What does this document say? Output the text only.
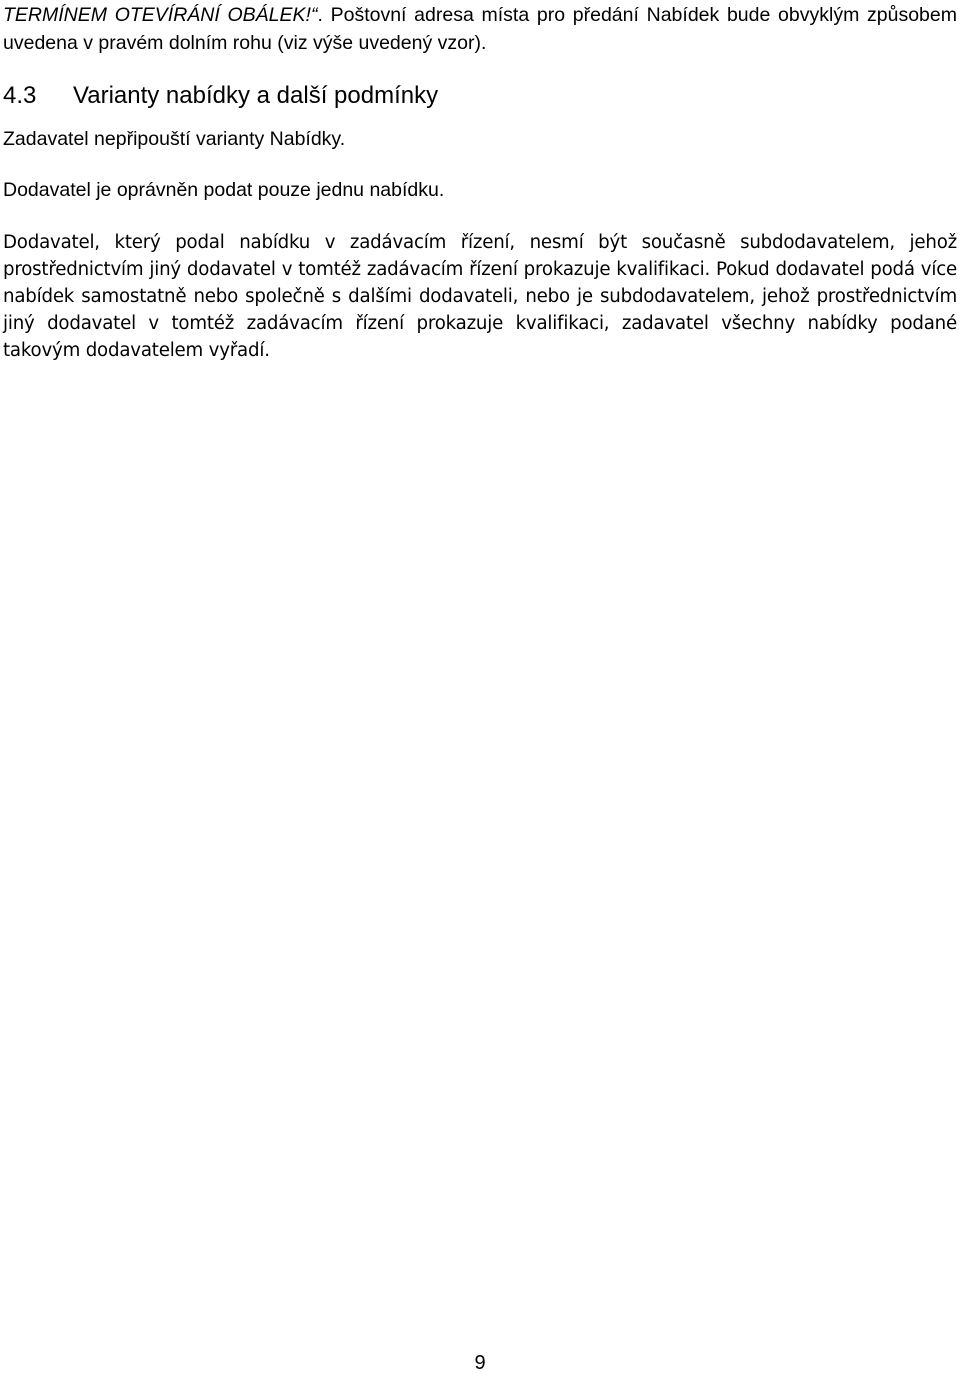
TERMÍNEM OTEVÍRÁNÍ OBÁLEK!“. Poštovní adresa místa pro předání Nabídek bude obvyklým způsobem uvedena v pravém dolním rohu (viz výše uvedený vzor).
4.3 Varianty nabídky a další podmínky
Zadavatel nepřipouští varianty Nabídky.
Dodavatel je oprávněn podat pouze jednu nabídku.
Dodavatel, který podal nabídku v zadávacím řízení, nesmí být současně subdodavatelem, jehož prostřednictvím jiný dodavatel v tomtéž zadávacím řízení prokazuje kvalifikaci. Pokud dodavatel podá více nabídek samostatně nebo společně s dalšími dodavateli, nebo je subdodavatelem, jehož prostřednictvím jiný dodavatel v tomtéž zadávacím řízení prokazuje kvalifikaci, zadavatel všechny nabídky podané takovým dodavatelem vyřadí.
9
